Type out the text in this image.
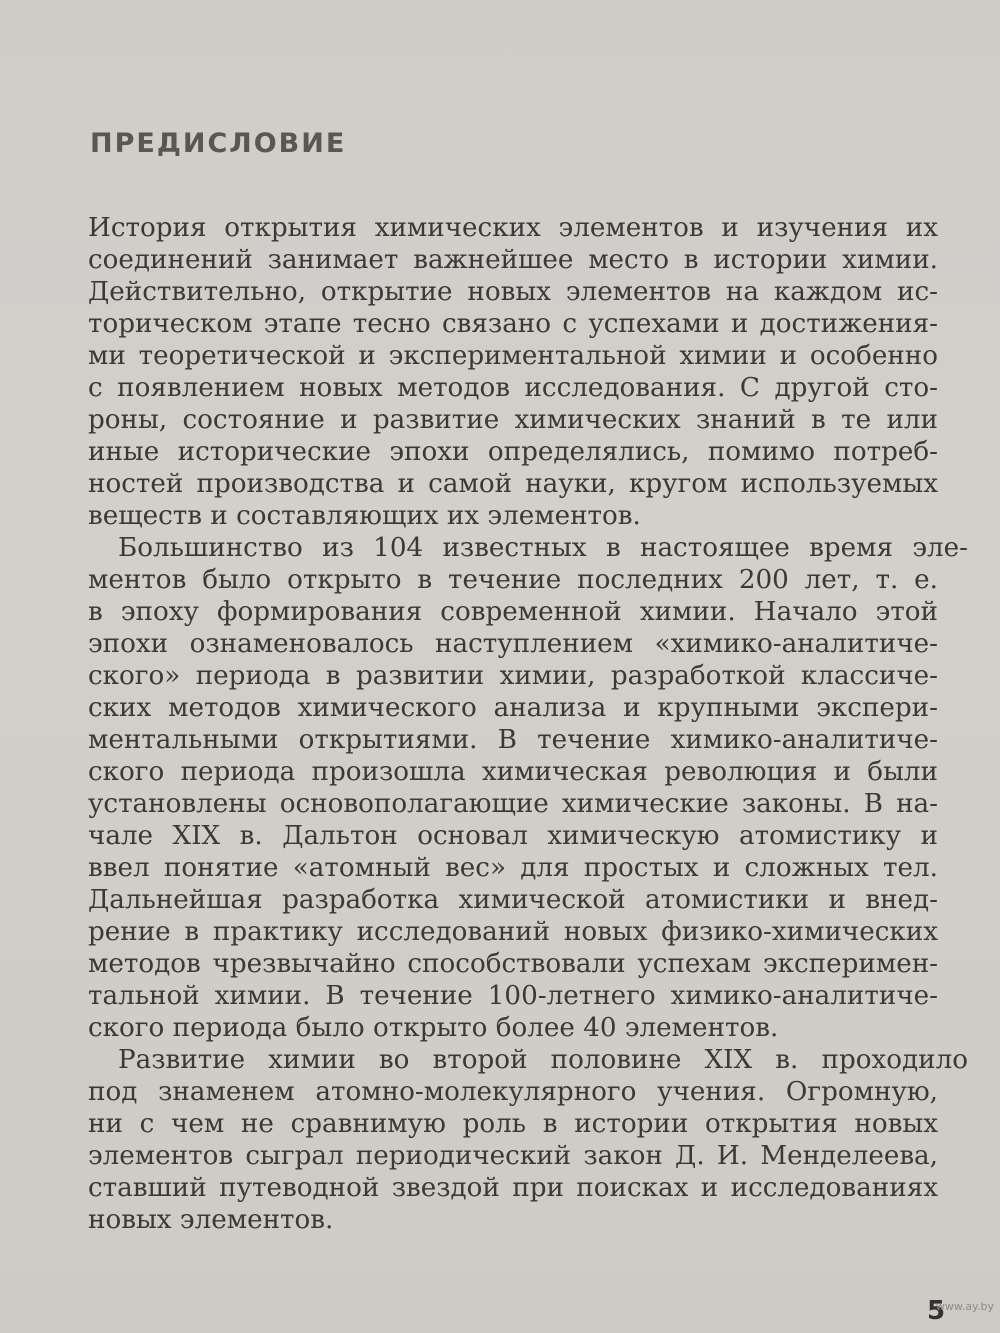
ПРЕДИСЛОВИЕ
История открытия химических элементов и изучения их
соединений занимает важнейшее место в истории химии.
Действительно, открытие новых элементов на каждом ис-
торическом этапе тесно связано с успехами и достижения-
ми теоретической и экспериментальной химии и особенно
с появлением новых методов исследования. С другой сто-
роны, состояние и развитие химических знаний в те или
иные исторические эпохи определялись, помимо потреб-
ностей производства и самой науки, кругом используемых
веществ и составляющих их элементов.
Большинство из 104 известных в настоящее время эле-
ментов было открыто в течение последних 200 лет, т. е.
в эпоху формирования современной химии. Начало этой
эпохи ознаменовалось наступлением «химико-аналитиче-
ского» периода в развитии химии, разработкой классиче-
ских методов химического анализа и крупными экспери-
ментальными открытиями. В течение химико-аналитиче-
ского периода произошла химическая революция и были
установлены основополагающие химические законы. В на-
чале XIX в. Дальтон основал химическую атомистику и
ввел понятие «атомный вес» для простых и сложных тел.
Дальнейшая разработка химической атомистики и внед-
рение в практику исследований новых физико-химических
методов чрезвычайно способствовали успехам эксперимен-
тальной химии. В течение 100-летнего химико-аналитиче-
ского периода было открыто более 40 элементов.
Развитие химии во второй половине XIX в. проходило
под знаменем атомно-молекулярного учения. Огромную,
ни с чем не сравнимую роль в истории открытия новых
элементов сыграл периодический закон Д. И. Менделеева,
ставший путеводной звездой при поисках и исследованиях
новых элементов.
5
www.ay.by
